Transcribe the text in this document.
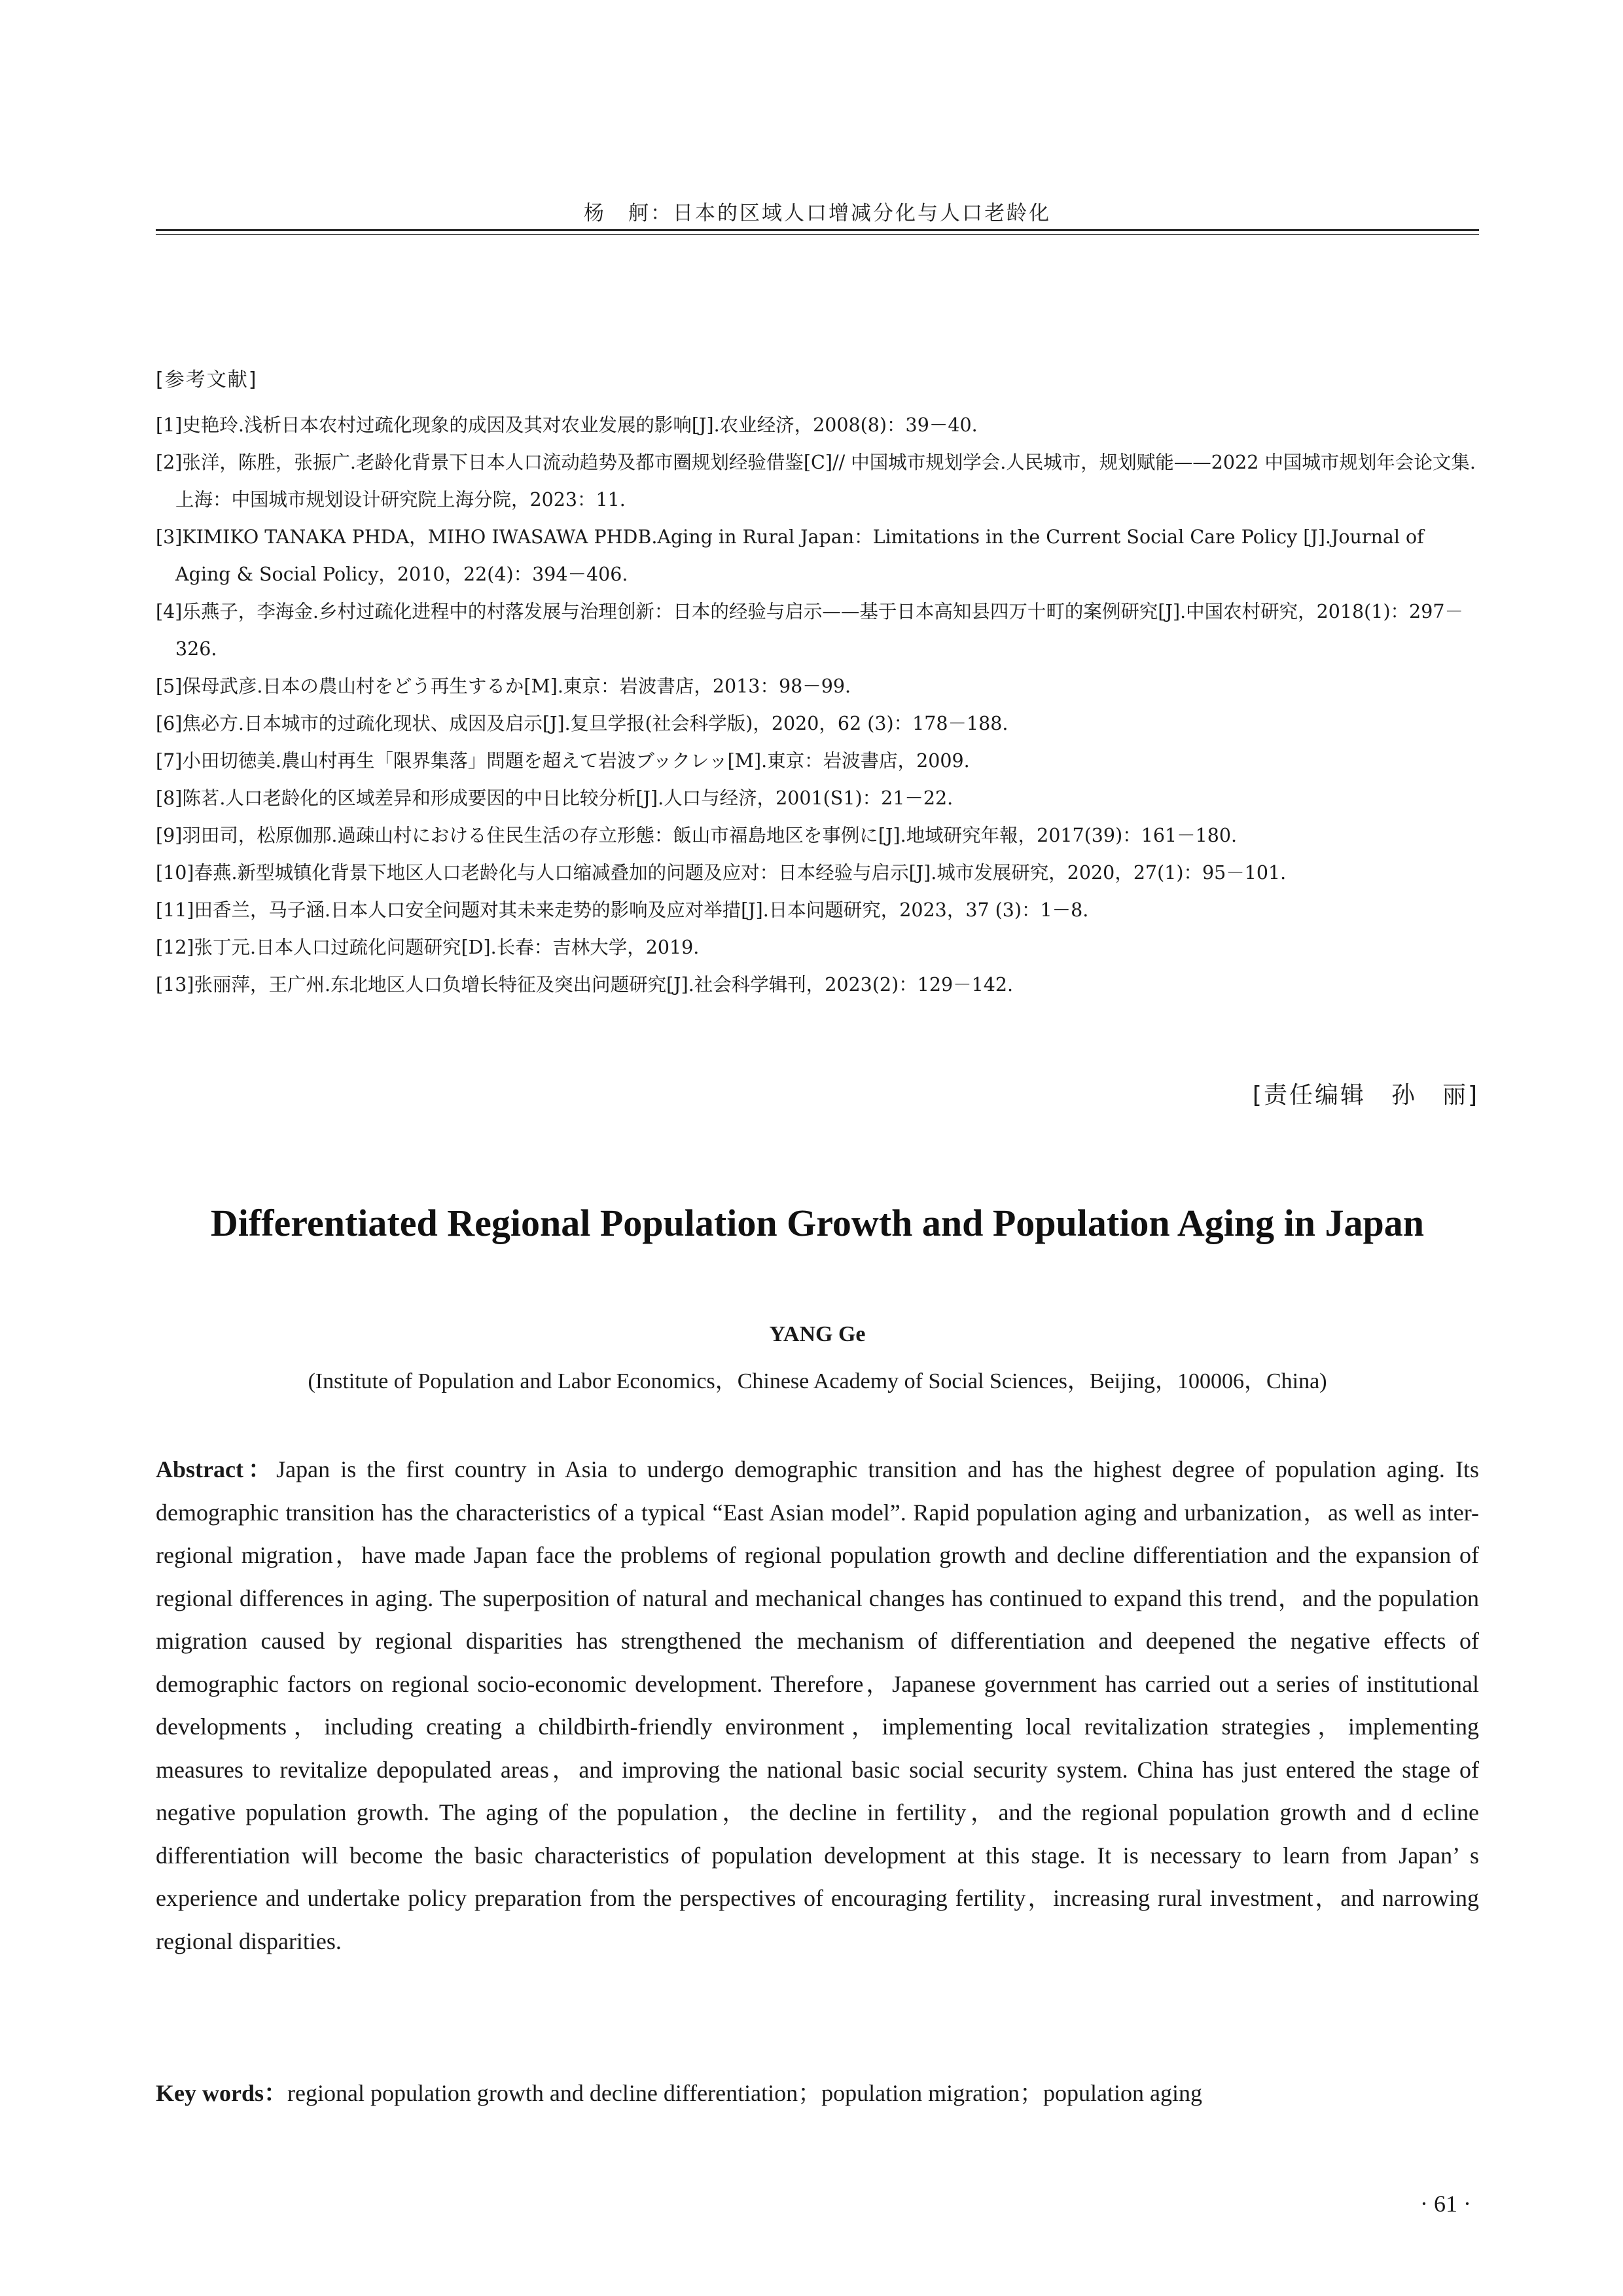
杨　舸：日本的区域人口增减分化与人口老龄化
[参考文献]
[1]史艳玲.浅析日本农村过疏化现象的成因及其对农业发展的影响[J].农业经济，2008(8)：39－40.
[2]张洋，陈胜，张振广.老龄化背景下日本人口流动趋势及都市圈规划经验借鉴[C]// 中国城市规划学会.人民城市，规划赋能——2022 中国城市规划年会论文集.上海：中国城市规划设计研究院上海分院，2023：11.
[3]KIMIKO TANAKA PHDA，MIHO IWASAWA PHDB.Aging in Rural Japan：Limitations in the Current Social Care Policy [J].Journal of Aging & Social Policy，2010，22(4)：394－406.
[4]乐燕子，李海金.乡村过疏化进程中的村落发展与治理创新：日本的经验与启示——基于日本高知县四万十町的案例研究[J].中国农村研究，2018(1)：297－326.
[5]保母武彦.日本の農山村をどう再生するか[M].東京：岩波書店，2013：98－99.
[6]焦必方.日本城市的过疏化现状、成因及启示[J].复旦学报(社会科学版)，2020，62 (3)：178－188.
[7]小田切徳美.農山村再生「限界集落」問題を超えて岩波ブックレッ[M].東京：岩波書店，2009.
[8]陈茗.人口老龄化的区域差异和形成要因的中日比较分析[J].人口与经济，2001(S1)：21－22.
[9]羽田司，松原伽那.過疎山村における住民生活の存立形態：飯山市福島地区を事例に[J].地域研究年報，2017(39)：161－180.
[10]春燕.新型城镇化背景下地区人口老龄化与人口缩减叠加的问题及应对：日本经验与启示[J].城市发展研究，2020，27(1)：95－101.
[11]田香兰，马子涵.日本人口安全问题对其未来走势的影响及应对举措[J].日本问题研究，2023，37 (3)：1－8.
[12]张丁元.日本人口过疏化问题研究[D].长春：吉林大学，2019.
[13]张丽萍，王广州.东北地区人口负增长特征及突出问题研究[J].社会科学辑刊，2023(2)：129－142.
[责任编辑　孙　丽]
Differentiated Regional Population Growth and Population Aging in Japan
YANG Ge
(Institute of Population and Labor Economics，Chinese Academy of Social Sciences，Beijing，100006，China)

Abstract：Japan is the first country in Asia to undergo demographic transition and has the highest degree of population aging. Its demographic transition has the characteristics of a typical “East Asian model”. Rapid population aging and urbanization，as well as inter-regional migration，have made Japan face the problems of regional population growth and decline differentiation and the expansion of regional differences in aging. The superposition of natural and mechanical changes has continued to expand this trend，and the population migration caused by regional disparities has strengthened the mechanism of differentiation and deepened the negative effects of demographic factors on regional socio-economic development. Therefore，Japanese government has carried out a series of institutional developments，including creating a childbirth-friendly environment，implementing local revitalization strategies，implementing measures to revitalize depopulated areas，and improving the national basic social security system. China has just entered the stage of negative population growth. The aging of the population，the decline in fertility，and the regional population growth and d ecline differentiation will become the basic characteristics of population development at this stage. It is necessary to learn from Japan’ s experience and undertake policy preparation from the perspectives of encouraging fertility，increasing rural investment，and narrowing regional disparities.

Key words：regional population growth and decline differentiation；population migration；population aging

· 61 ·
